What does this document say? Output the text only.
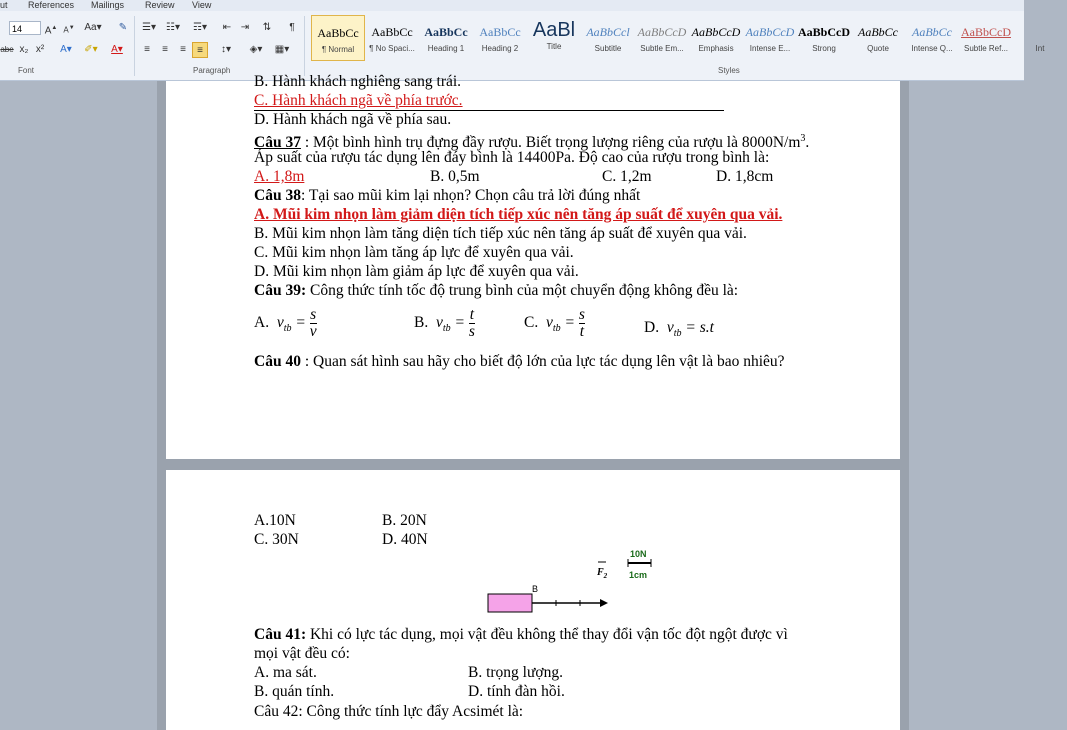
ut References Mailings Review View
14	A▲ A▼ Aa▾ ✎
abe x₂ x² A▾ ✐▾	A▾
Font
☰▾ ☷▾	☶▾	⇤ ⇥ ⇅	¶
≡	≡	≡	≡	↕▾	◈▾	▦▾
Paragraph
AaBbCc
¶ Normal
AaBbCc
¶ No Spaci...
AaBbCc
Heading 1
AaBbCc
Heading 2
AaBl
Title
AaBbCcl
Subtitle
AaBbCcD
Subtle Em...
AaBbCcD
Emphasis
AaBbCcD
Intense E...
AaBbCcD
Strong
AaBbCc
Quote
AaBbCc
Intense Q...
AaBbCcD
Subtle Ref...	Int
Styles
B. Hành khách nghiêng sang trái.
C. Hành khách ngã về phía trước.
D. Hành khách ngã về phía sau.
Câu 37 : Một bình hình trụ đựng đầy rượu. Biết trọng lượng riêng của rượu là $8000N/m^3$.
Áp suất của rượu tác dụng lên đáy bình là 14400Pa. Độ cao của rượu trong bình là:
A. 1,8m	B. 0,5m	C. 1,2m	D. 1,8cm
Câu 38: Tại sao mũi kim lại nhọn? Chọn câu trả lời đúng nhất
A. Mũi kim nhọn làm giảm diện tích tiếp xúc nên tăng áp suất để xuyên qua vải.
B. Mũi kim nhọn làm tăng diện tích tiếp xúc nên tăng áp suất để xuyên qua vải.
C. Mũi kim nhọn làm tăng áp lực để xuyên qua vải.
D. Mũi kim nhọn làm giảm áp lực để xuyên qua vải.
Câu 39: Công thức tính tốc độ trung bình của một chuyển động không đều là:
A. $v_{tb} = \frac{s}{v}$	B. $v_{tb} = \frac{t}{s}$	C. $v_{tb} = \frac{s}{t}$	D. $v_{tb} = s.t$
Câu 40 : Quan sát hình sau hãy cho biết độ lớn của lực tác dụng lên vật là bao nhiêu?
A.10N	B. 20N
C. 30N	D. 40N
10N
1cm
B
$F_2$
Câu 41: Khi có lực tác dụng, mọi vật đều không thể thay đổi vận tốc đột ngột được vì
mọi vật đều có:
A. ma sát.	B. trọng lượng.
B. quán tính.	D. tính đàn hồi.
Câu 42: Công thức tính lực đẩy Acsimét là:
